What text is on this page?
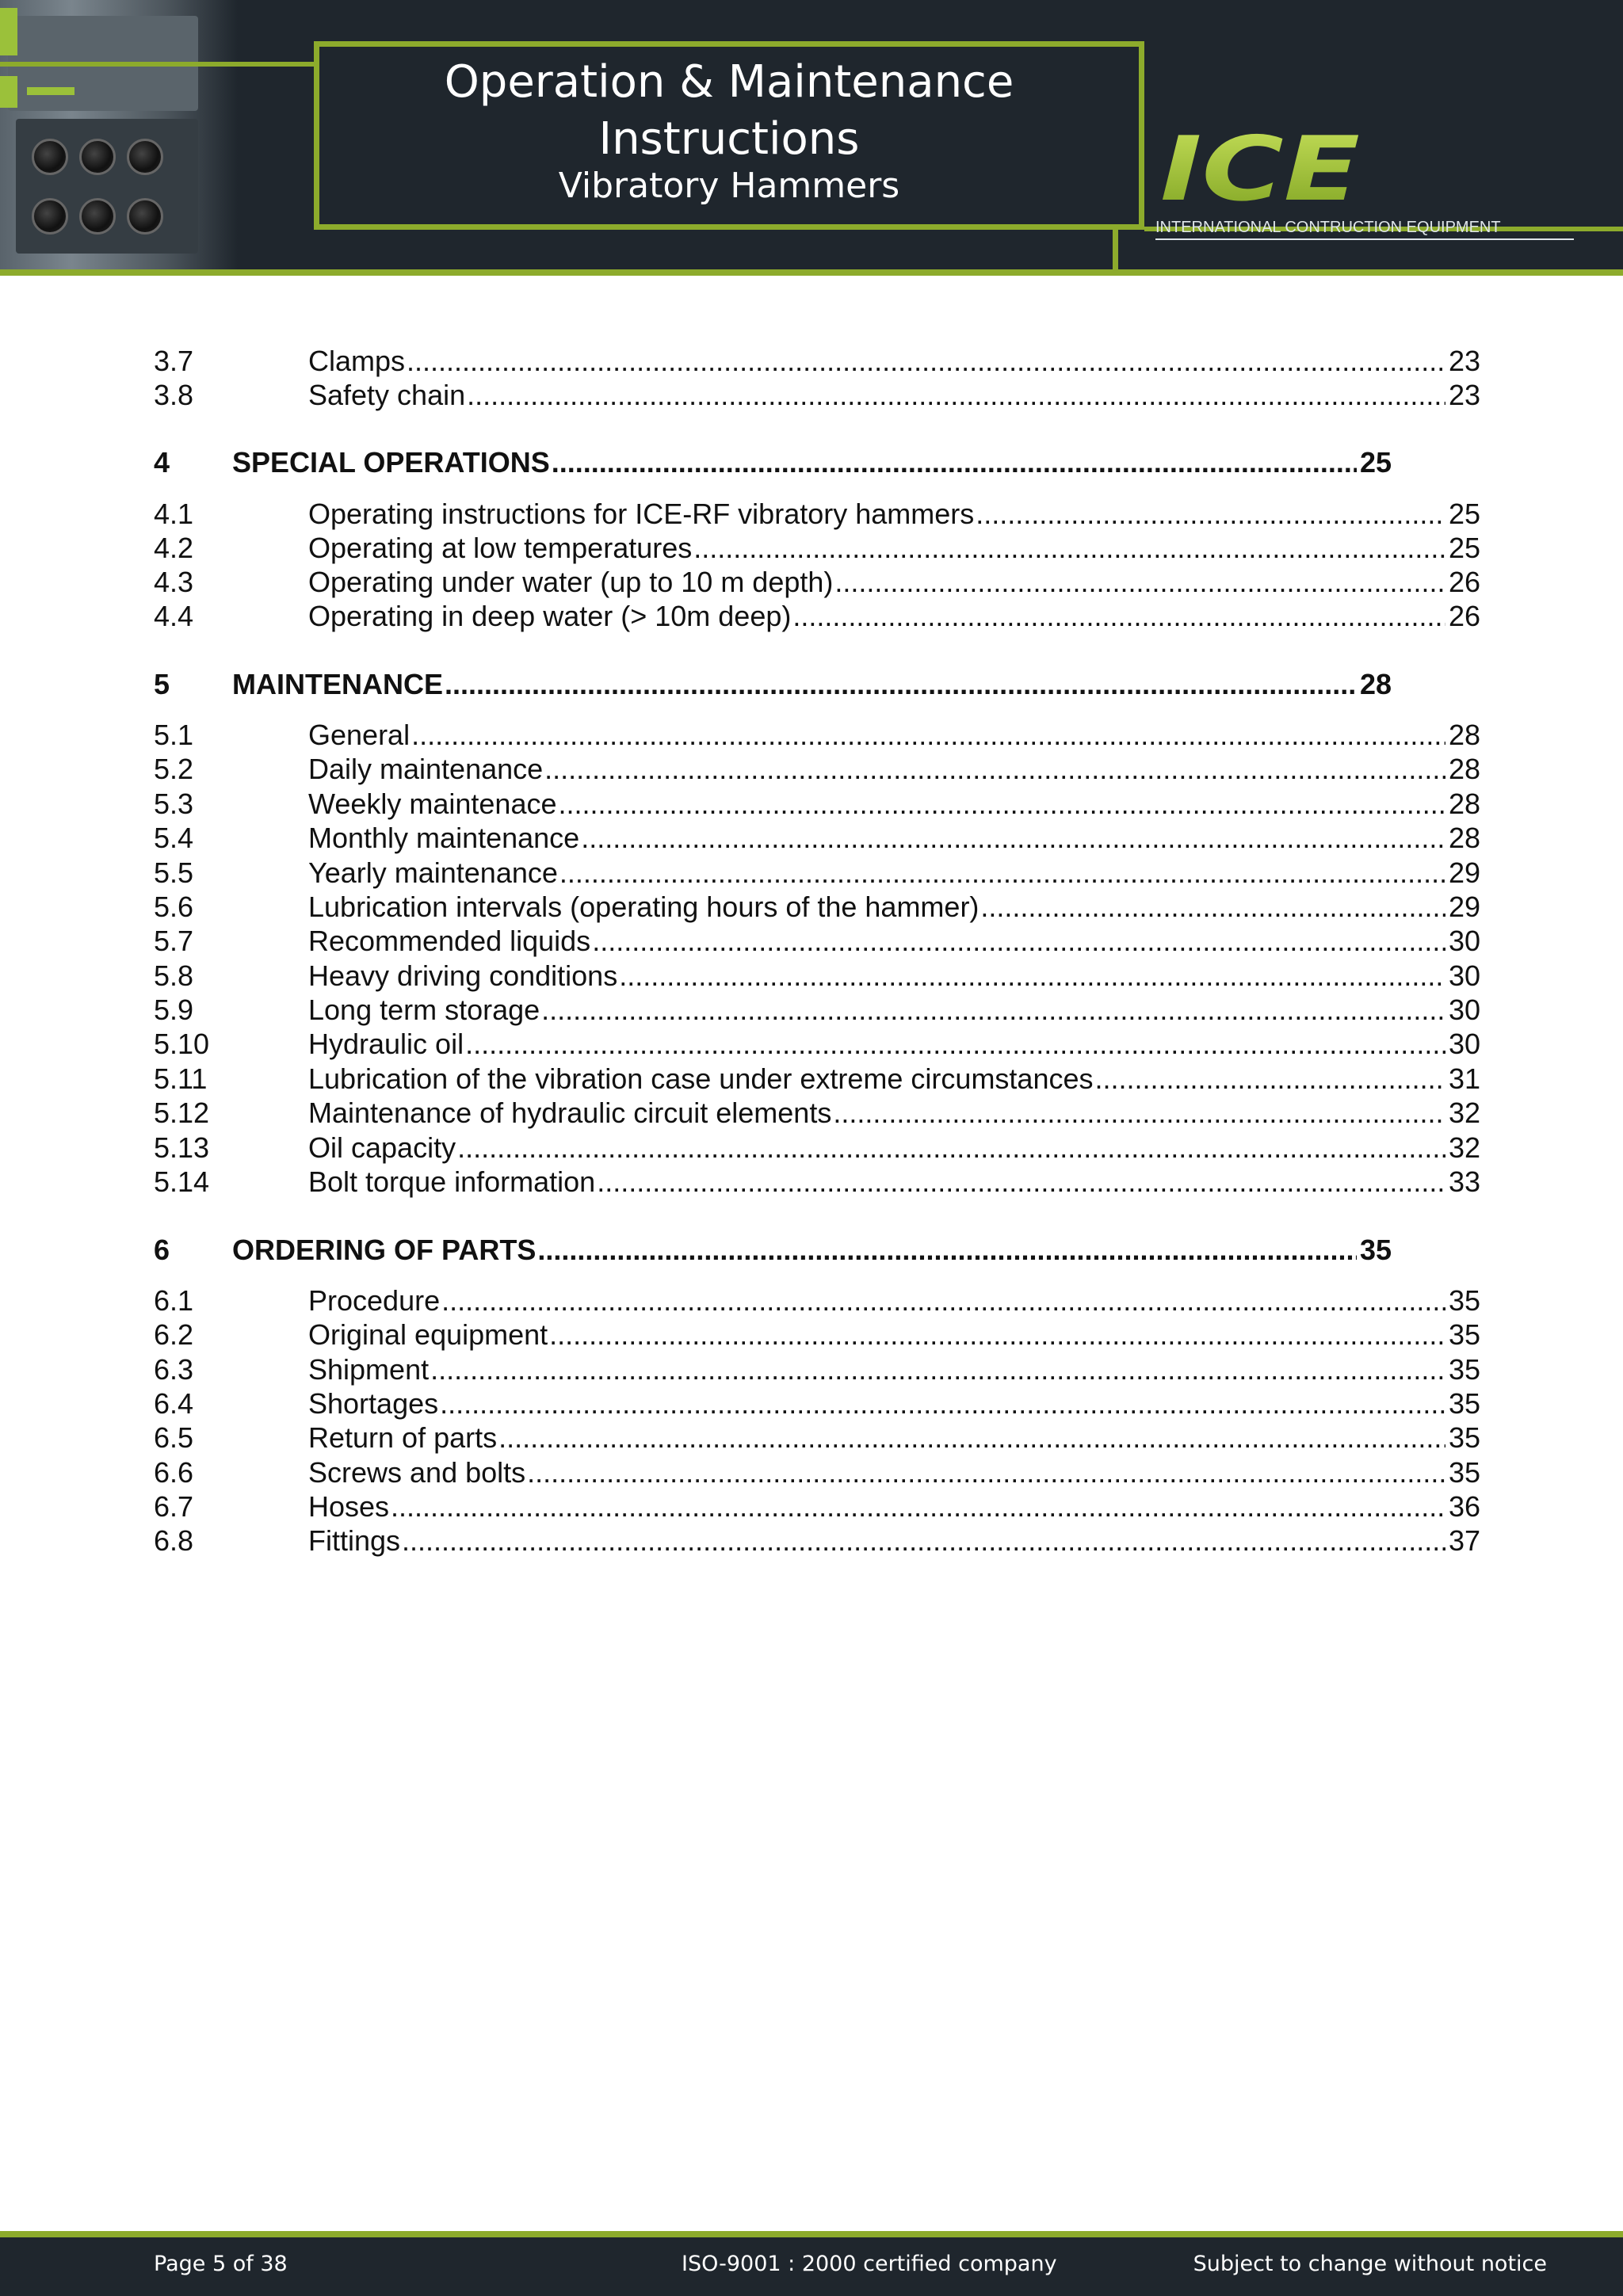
Operation & Maintenance
Instructions
Vibratory Hammers	ICE
INTERNATIONAL CONTRUCTION EQUIPMENT
3.7	Clamps .....	23
3.8	Safety chain .....	23
4 SPECIAL OPERATIONS .....	25
4.1	Operating instructions for ICE-RF vibratory hammers .....	25
4.2	Operating at low temperatures .....	25
4.3	Operating under water (up to 10 m depth) .....	26
4.4	Operating in deep water (> 10m deep) .....	26
5 MAINTENANCE .....	28
5.1	General .....	28
5.2	Daily maintenance .....	28
5.3	Weekly maintenace .....	28
5.4	Monthly maintenance .....	28
5.5	Yearly maintenance .....	29
5.6	Lubrication intervals (operating hours of the hammer) .....	29
5.7	Recommended liquids .....	30
5.8	Heavy driving conditions .....	30
5.9	Long term storage .....	30
5.10	Hydraulic oil .....	30
5.11	Lubrication of the vibration case under extreme circumstances .....	31
5.12	Maintenance of hydraulic circuit elements .....	32
5.13	Oil capacity .....	32
5.14	Bolt torque information .....	33
6 ORDERING OF PARTS .....	35
6.1	Procedure .....	35
6.2	Original equipment .....	35
6.3	Shipment .....	35
6.4	Shortages .....	35
6.5	Return of parts .....	35
6.6	Screws and bolts .....	35
6.7	Hoses .....	36
6.8	Fittings .....	37
Page 5 of 38	ISO-9001 : 2000 certified company	Subject to change without notice
